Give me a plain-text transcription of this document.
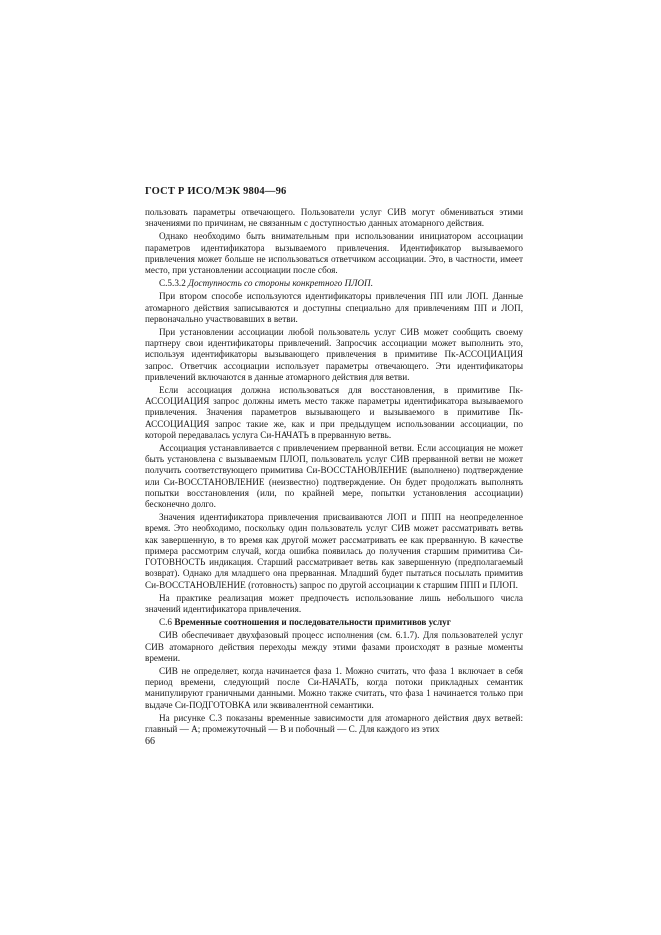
ГОСТ Р ИСО/МЭК 9804—96

пользовать параметры отвечающего. Пользователи услуг СИВ могут обмениваться этими значениями по причинам, не связанным с доступностью данных атомарного действия.

Однако необходимо быть внимательным при использовании инициатором ассоциации параметров идентификатора вызываемого привлечения. Идентификатор вызываемого привлечения может больше не использоваться ответчиком ассоциации. Это, в частности, имеет место, при установлении ассоциации после сбоя.

С.5.3.2 Доступность со стороны конкретного ПЛОП.

При втором способе используются идентификаторы привлечения ПП или ЛОП. Данные атомарного действия записываются и доступны специально для привлечениям ПП и ЛОП, первоначально участвовавших в ветви.

При установлении ассоциации любой пользователь услуг СИВ может сообщить своему партнеру свои идентификаторы привлечений. Запросчик ассоциации может выполнить это, используя идентификаторы вызывающего привлечения в примитиве Пк-АССОЦИАЦИЯ запрос. Ответчик ассоциации использует параметры отвечающего. Эти идентификаторы привлечений включаются в данные атомарного действия для ветви.

Если ассоциация должна использоваться для восстановления, в примитиве Пк-АССОЦИАЦИЯ запрос должны иметь место также параметры идентификатора вызываемого привлечения. Значения параметров вызывающего и вызываемого в примитиве Пк-АССОЦИАЦИЯ запрос такие же, как и при предыдущем использовании ассоциации, по которой передавалась услуга Си-НАЧАТЬ в прерванную ветвь.

Ассоциация устанавливается с привлечением прерванной ветви. Если ассоциация не может быть установлена с вызываемым ПЛОП, пользователь услуг СИВ прерванной ветви не может получить соответствующего примитива Си-ВОССТАНОВЛЕНИЕ (выполнено) подтверждение или Си-ВОССТАНОВЛЕНИЕ (неизвестно) подтверждение. Он будет продолжать выполнять попытки восстановления (или, по крайней мере, попытки установления ассоциации) бесконечно долго.

Значения идентификатора привлечения присваиваются ЛОП и ППП на неопределенное время. Это необходимо, поскольку один пользователь услуг СИВ может рассматривать ветвь как завершенную, в то время как другой может рассматривать ее как прерванную. В качестве примера рассмотрим случай, когда ошибка появилась до получения старшим примитива Си-ГОТОВНОСТЬ индикация. Старший рассматривает ветвь как завершенную (предполагаемый возврат). Однако для младшего она прерванная. Младший будет пытаться посылать примитив Си-ВОССТАНОВЛЕНИЕ (готовность) запрос по другой ассоциации к старшим ППП и ПЛОП.

На практике реализация может предпочесть использование лишь небольшого числа значений идентификатора привлечения.

С.6 Временные соотношения и последовательности примитивов услуг

СИВ обеспечивает двухфазовый процесс исполнения (см. 6.1.7). Для пользователей услуг СИВ атомарного действия переходы между этими фазами происходят в разные моменты времени.

СИВ не определяет, когда начинается фаза 1. Можно считать, что фаза 1 включает в себя период времени, следующий после Си-НАЧАТЬ, когда потоки прикладных семантик манипулируют граничными данными. Можно также считать, что фаза 1 начинается только при выдаче Си-ПОДГОТОВКА или эквивалентной семантики.

На рисунке С.3 показаны временные зависимости для атомарного действия двух ветвей: главный — А; промежуточный — В и побочный — С. Для каждого из этих

66
